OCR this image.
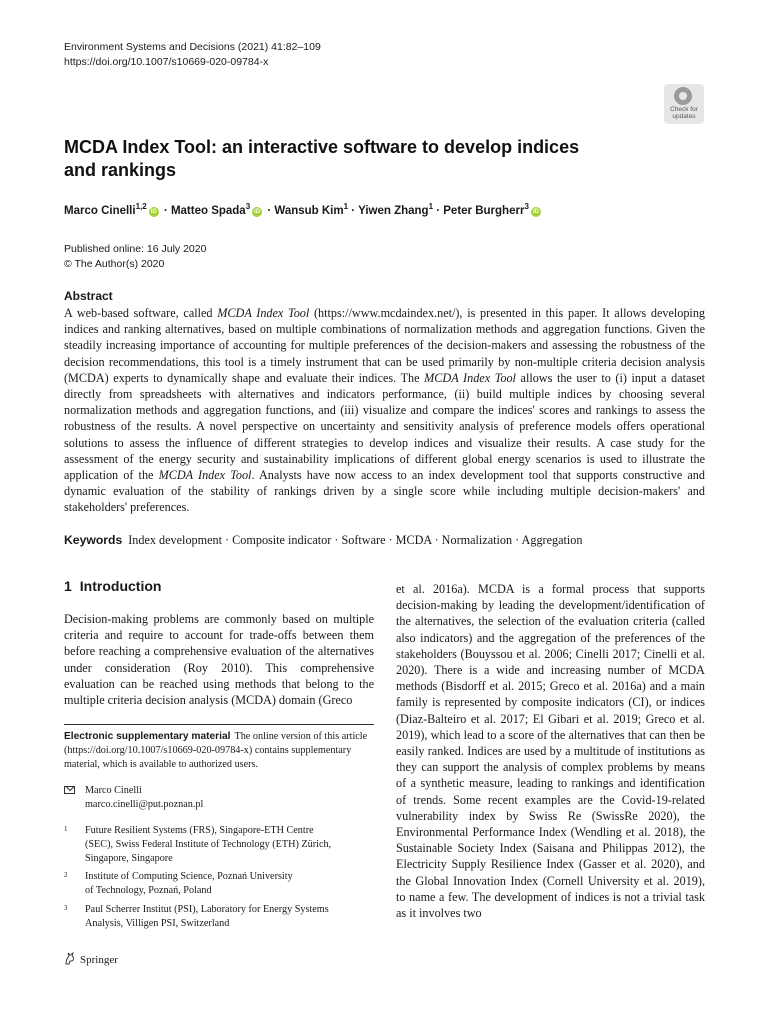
Environment Systems and Decisions (2021) 41:82–109
https://doi.org/10.1007/s10669-020-09784-x
Check for
updates
MCDA Index Tool: an interactive software to develop indices and rankings
Marco Cinelli$^{1,2}$iD · Matteo Spada$^3$iD · Wansub Kim$^1$ · Yiwen Zhang$^1$ · Peter Burgherr$^3$iD
Published online: 16 July 2020
© The Author(s) 2020
Abstract
A web-based software, called MCDA Index Tool (https://www.mcdaindex.net/), is presented in this paper. It allows developing indices and ranking alternatives, based on multiple combinations of normalization methods and aggregation functions. Given the steadily increasing importance of accounting for multiple preferences of the decision-makers and assessing the robustness of the decision recommendations, this tool is a timely instrument that can be used primarily by non-multiple criteria decision analysis (MCDA) experts to dynamically shape and evaluate their indices. The MCDA Index Tool allows the user to (i) input a dataset directly from spreadsheets with alternatives and indicators performance, (ii) build multiple indices by choosing several normalization methods and aggregation functions, and (iii) visualize and compare the indices' scores and rankings to assess the robustness of the results. A novel perspective on uncertainty and sensitivity analysis of preference models offers operational solutions to assess the influence of different strategies to develop indices and visualize their results. A case study for the assessment of the energy security and sustainability implications of different global energy scenarios is used to illustrate the application of the MCDA Index Tool. Analysts have now access to an index development tool that supports constructive and dynamic evaluation of the stability of rankings driven by a single score while including multiple decision-makers' and stakeholders' preferences.
Keywords Index development · Composite indicator · Software · MCDA · Normalization · Aggregation
1 Introduction
Decision-making problems are commonly based on multiple criteria and require to account for trade-offs between them before reaching a comprehensive evaluation of the alternatives under consideration (Roy 2010). This comprehensive evaluation can be reached using methods that belong to the multiple criteria decision analysis (MCDA) domain (Greco
et al. 2016a). MCDA is a formal process that supports decision-making by leading the development/identification of the alternatives, the selection of the evaluation criteria (called also indicators) and the aggregation of the preferences of the stakeholders (Bouyssou et al. 2006; Cinelli 2017; Cinelli et al. 2020). There is a wide and increasing number of MCDA methods (Bisdorff et al. 2015; Greco et al. 2016a) and a main family is represented by composite indicators (CI), or indices (Diaz-Balteiro et al. 2017; El Gibari et al. 2019; Greco et al. 2019), which lead to a score of the alternatives that can then be easily ranked. Indices are used by a multitude of institutions as they can support the analysis of complex problems by means of a synthetic measure, leading to rankings and identification of trends. Some recent examples are the Covid-19-related vulnerability index by Swiss Re (SwissRe 2020), the Environmental Performance Index (Wendling et al. 2018), the Sustainable Society Index (Saisana and Philippas 2012), the Electricity Supply Resilience Index (Gasser et al. 2020), and the Global Innovation Index (Cornell University et al. 2019), to name a few. The development of indices is not a trivial task as it involves two
Electronic supplementary material The online version of this article (https://doi.org/10.1007/s10669-020-09784-x) contains supplementary material, which is available to authorized users.
Marco Cinelli
marco.cinelli@put.poznan.pl
1 Future Resilient Systems (FRS), Singapore-ETH Centre
(SEC), Swiss Federal Institute of Technology (ETH) Zürich,
Singapore, Singapore
2 Institute of Computing Science, Poznań University
of Technology, Poznań, Poland
3 Paul Scherrer Institut (PSI), Laboratory for Energy Systems
Analysis, Villigen PSI, Switzerland
Springer
